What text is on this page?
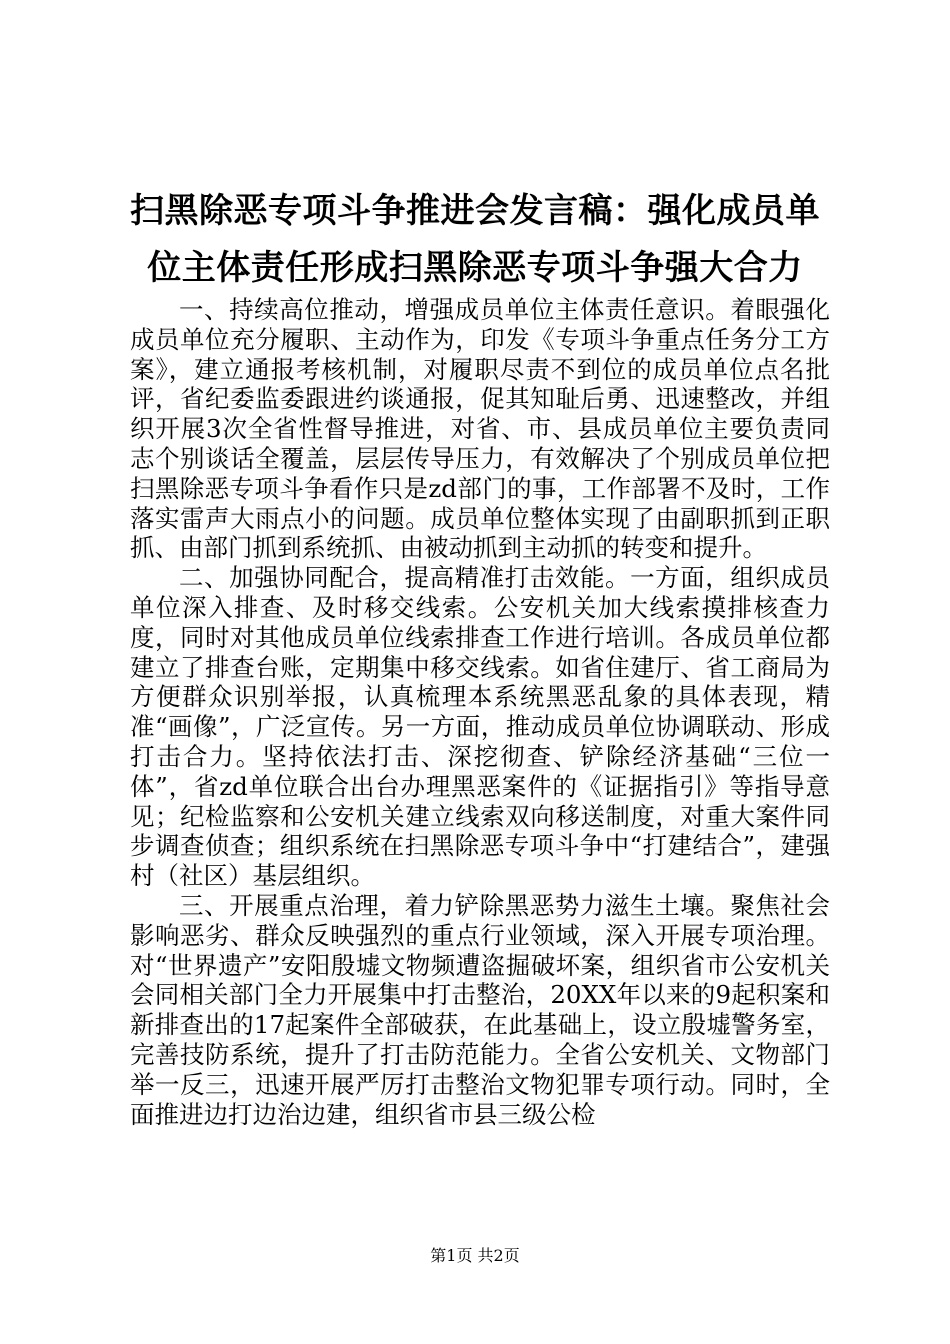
扫黑除恶专项斗争推进会发言稿：强化成员单
位主体责任形成扫黑除恶专项斗争强大合力

一、持续高位推动，增强成员单位主体责任意识。着眼强化成员单位充分履职、主动作为，印发《专项斗争重点任务分工方案》，建立通报考核机制，对履职尽责不到位的成员单位点名批评，省纪委监委跟进约谈通报，促其知耻后勇、迅速整改，并组织开展3次全省性督导推进，对省、市、县成员单位主要负责同志个别谈话全覆盖，层层传导压力，有效解决了个别成员单位把扫黑除恶专项斗争看作只是zd部门的事，工作部署不及时，工作落实雷声大雨点小的问题。成员单位整体实现了由副职抓到正职抓、由部门抓到系统抓、由被动抓到主动抓的转变和提升。

二、加强协同配合，提高精准打击效能。一方面，组织成员单位深入排查、及时移交线索。公安机关加大线索摸排核查力度，同时对其他成员单位线索排查工作进行培训。各成员单位都建立了排查台账，定期集中移交线索。如省住建厅、省工商局为方便群众识别举报，认真梳理本系统黑恶乱象的具体表现，精准“画像”，广泛宣传。另一方面，推动成员单位协调联动、形成打击合力。坚持依法打击、深挖彻查、铲除经济基础“三位一体”，省zd单位联合出台办理黑恶案件的《证据指引》等指导意见；纪检监察和公安机关建立线索双向移送制度，对重大案件同步调查侦查；组织系统在扫黑除恶专项斗争中“打建结合”，建强村（社区）基层组织。

三、开展重点治理，着力铲除黑恶势力滋生土壤。聚焦社会影响恶劣、群众反映强烈的重点行业领域，深入开展专项治理。对“世界遗产”安阳殷墟文物频遭盗掘破坏案，组织省市公安机关会同相关部门全力开展集中打击整治，20XX年以来的9起积案和新排查出的17起案件全部破获，在此基础上，设立殷墟警务室，完善技防系统，提升了打击防范能力。全省公安机关、文物部门举一反三，迅速开展严厉打击整治文物犯罪专项行动。同时，全面推进边打边治边建，组织省市县三级公检

第1页 共2页
